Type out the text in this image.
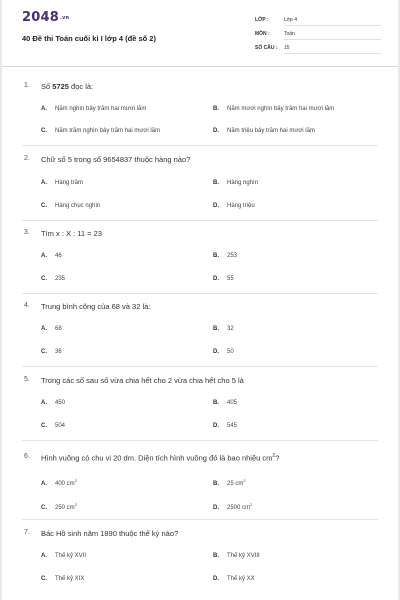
2048.vn
40 Đề thi Toán cuối kì I lớp 4 (đề số 2)
LỚP :	Lớp 4
MÔN :	Toán
SỐ CÂU : 15
1. Số 5725 đọc là:
A. Năm nghìn bảy trăm hai mươi lăm	B. Năm mươi nghìn bảy trăm hai mươi lăm
C. Năm trăm nghìn bảy trăm hai mươi lăm	D. Năm triệu bảy trăm hai mươi lăm
2. Chữ số 5 trong số 9654837 thuộc hàng nào?
A. Hàng trăm	B. Hàng nghìn
C. Hàng chục nghìn	D. Hàng triệu
3. Tìm x : X : 11 = 23
A. 46	B. 253
C. 235	D. 55
4. Trung bình cộng của 68 và 32 là:
A. 68	B. 32
C. 36	D. 50
5. Trong các số sau số vừa chia hết cho 2 vừa chia hết cho 5 là
A. 450	B. 405
C. 504	D. 545
6. Hình vuông có chu vi 20 dm. Diện tích hình vuông đó là bao nhiêu $cm^2$?
A. 400 $cm^2$
B. 25 $cm^2$
C. 250 $cm^2$
D. 2500 $cm^2$
7. Bác Hồ sinh năm 1890 thuộc thế kỷ nào?
A. Thế kỷ XVII	B. Thế kỷ XVIII
C. Thế kỷ XIX	D. Thế kỷ XX
